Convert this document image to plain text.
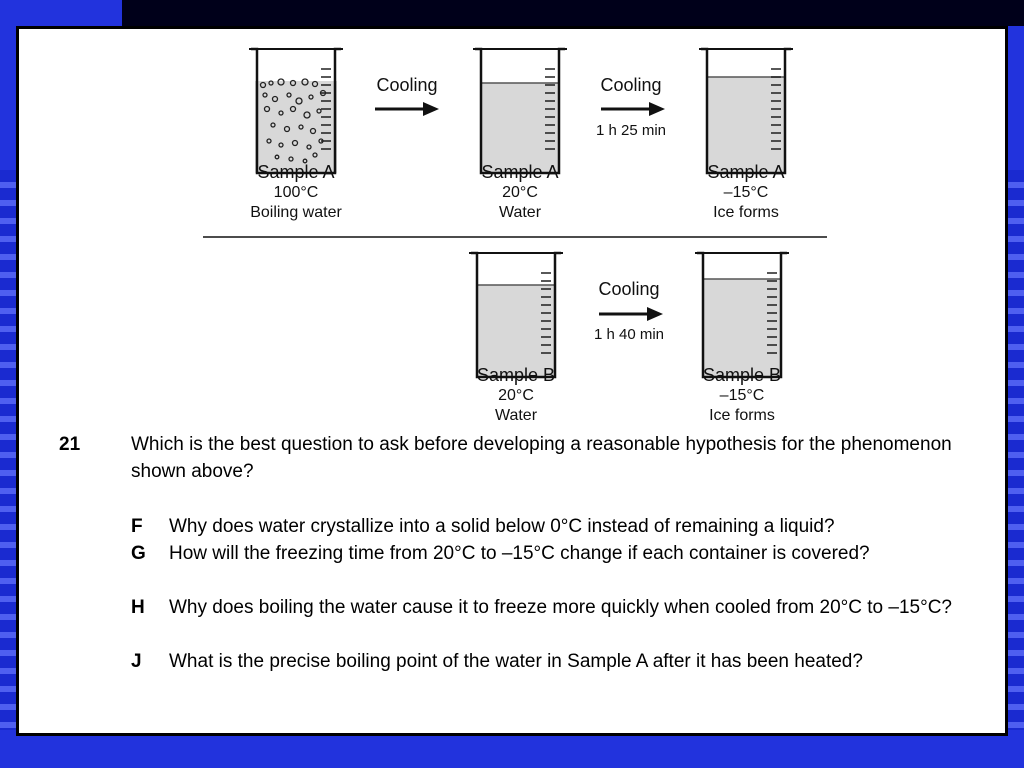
Cooling	Cooling
1 h 25 min
Sample A
100°C
Boiling water
Sample A
20°C
Water
Sample A
–15°C
Ice forms
Cooling
1 h 40 min
Sample B
20°C
Water
Sample B
–15°C
Ice forms
21	Which is the best question to ask before developing a reasonable hypothesis for the phenomenon shown above?
F Why does water crystallize into a solid below 0°C instead of remaining a liquid?
G How will the freezing time from 20°C to –15°C change if each container is covered?
H Why does boiling the water cause it to freeze more quickly when cooled from 20°C to –15°C?
J What is the precise boiling point of the water in Sample A after it has been heated?
